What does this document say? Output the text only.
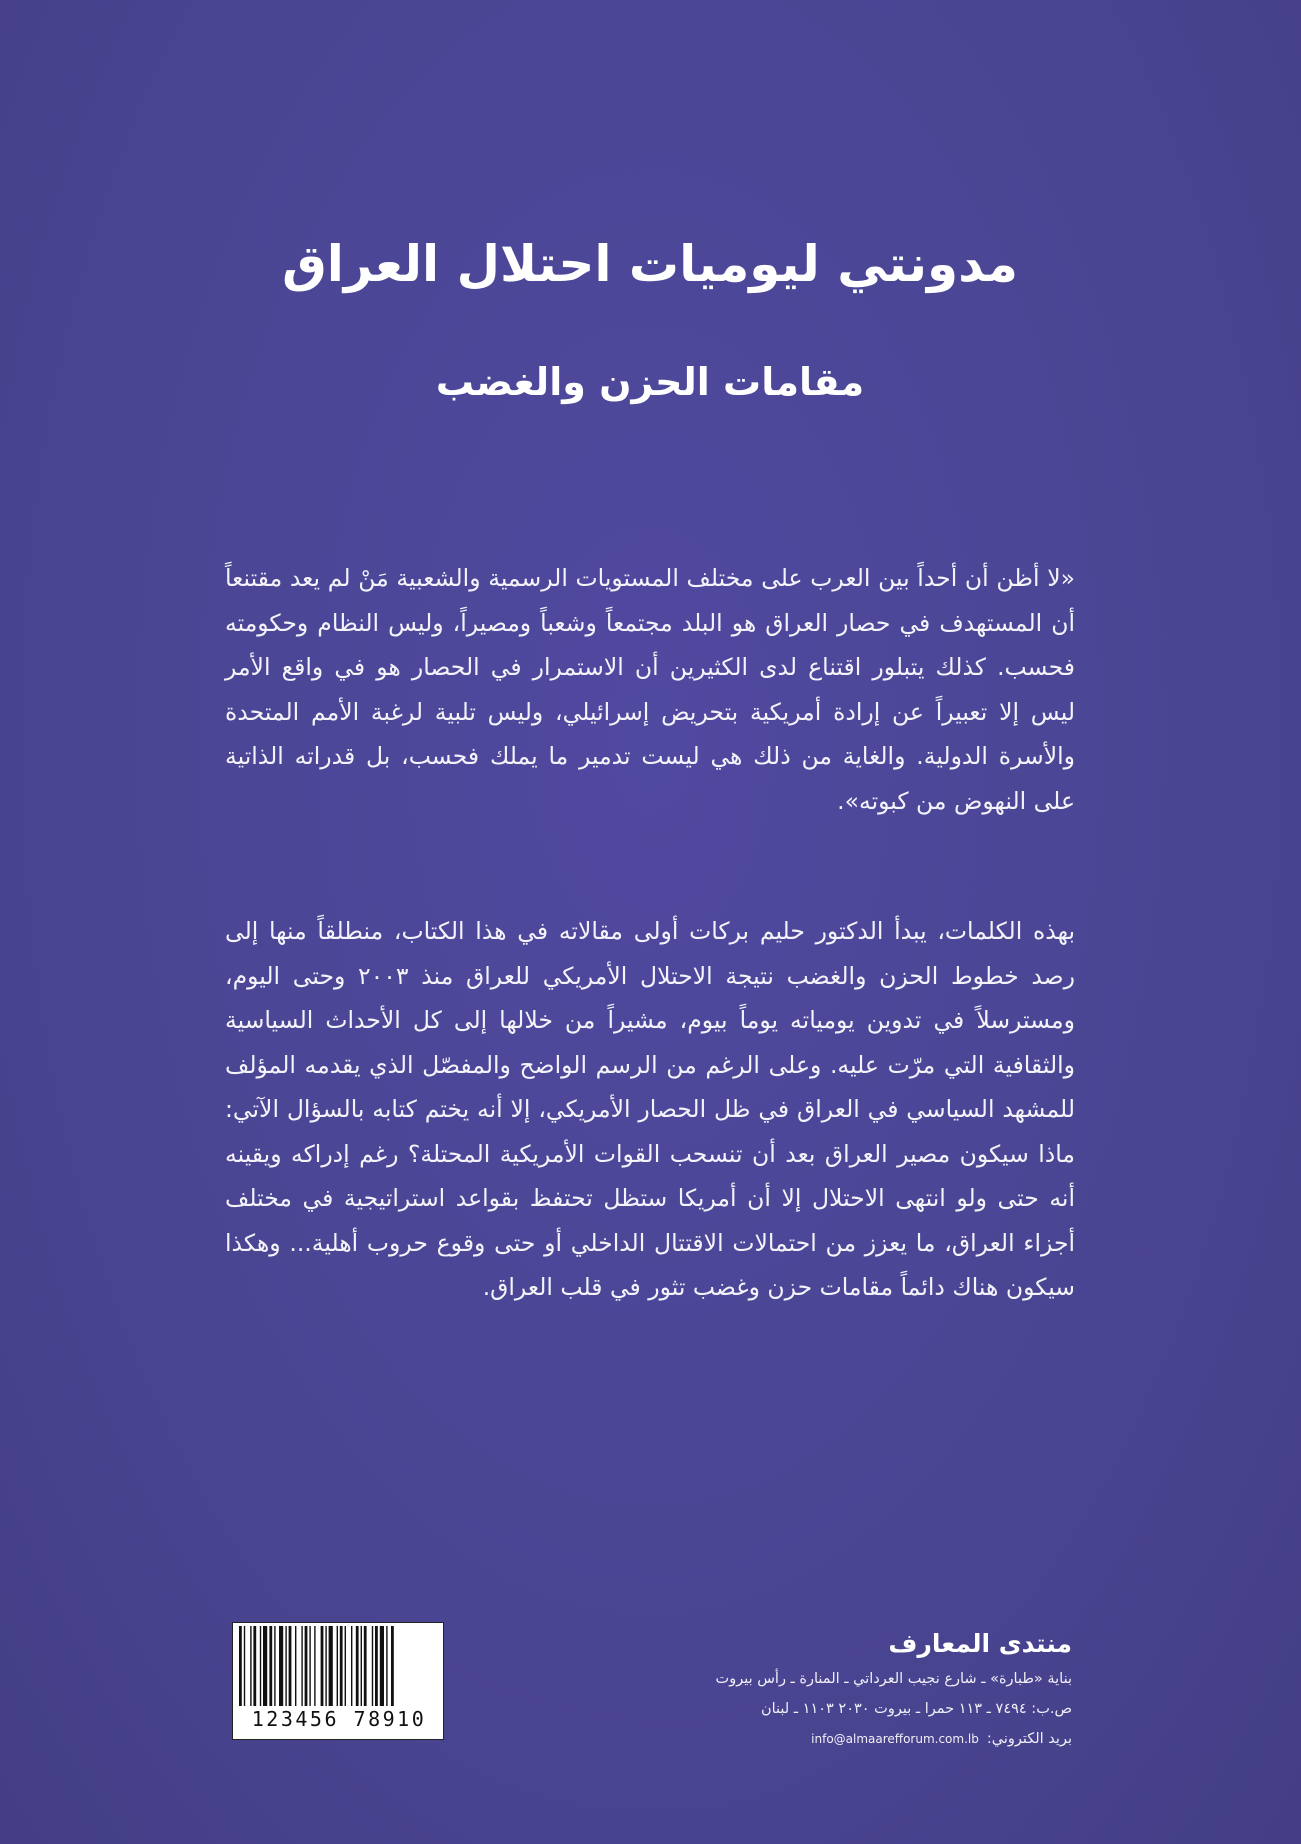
مدونتي ليوميات احتلال العراق
مقامات الحزن والغضب

«لا أظن أن أحداً بين العرب على مختلف المستويات الرسمية والشعبية مَنْ لم يعد مقتنعاً أن المستهدف في حصار العراق هو البلد مجتمعاً وشعباً ومصيراً، وليس النظام وحكومته فحسب. كذلك يتبلور اقتناع لدى الكثيرين أن الاستمرار في الحصار هو في واقع الأمر ليس إلا تعبيراً عن إرادة أمريكية بتحريض إسرائيلي، وليس تلبية لرغبة الأمم المتحدة والأسرة الدولية. والغاية من ذلك هي ليست تدمير ما يملك فحسب، بل قدراته الذاتية على النهوض من كبوته».

بهذه الكلمات، يبدأ الدكتور حليم بركات أولى مقالاته في هذا الكتاب، منطلقاً منها إلى رصد خطوط الحزن والغضب نتيجة الاحتلال الأمريكي للعراق منذ ٢٠٠٣ وحتى اليوم، ومسترسلاً في تدوين يومياته يوماً بيوم، مشيراً من خلالها إلى كل الأحداث السياسية والثقافية التي مرّت عليه. وعلى الرغم من الرسم الواضح والمفصّل الذي يقدمه المؤلف للمشهد السياسي في العراق في ظل الحصار الأمريكي، إلا أنه يختم كتابه بالسؤال الآتي: ماذا سيكون مصير العراق بعد أن تنسحب القوات الأمريكية المحتلة؟ رغم إدراكه ويقينه أنه حتى ولو انتهى الاحتلال إلا أن أمريكا ستظل تحتفظ بقواعد استراتيجية في مختلف أجزاء العراق، ما يعزز من احتمالات الاقتتال الداخلي أو حتى وقوع حروب أهلية... وهكذا سيكون هناك دائماً مقامات حزن وغضب تثور في قلب العراق.

123456 78910
منتدى المعارف
بناية «طبارة» ـ شارع نجيب العرداتي ـ المنارة ـ رأس بيروت
ص.ب: ٧٤٩٤ ـ ١١٣ حمرا ـ بيروت ٢٠٣٠ ١١٠٣ ـ لبنان
بريد الكتروني:
info@almaarefforum.com.lb
